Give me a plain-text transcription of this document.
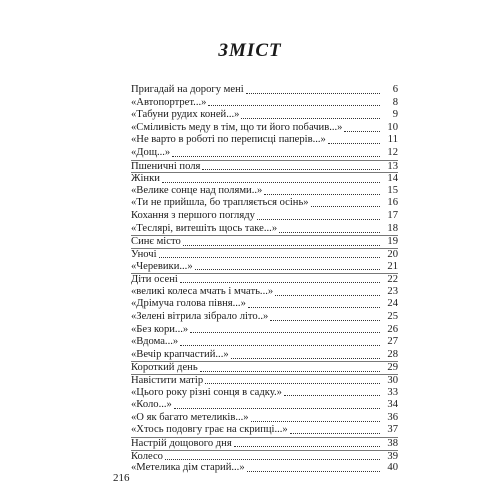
ЗМІСТ
Пригадай на дорогу мені	6
«Автопортрет...»	8
«Табуни рудих коней...»	9
«Сміливість меду в тім, що ти його побачив...»	10
«Не варто в роботі по переписці паперів...»	11
«Дощ...»	12
Пшеничні поля	13
Жінки	14
«Велике сонце над полями..»	15
«Ти не прийшла, бо трапляється осінь»	16
Кохання з першого погляду	17
«Теслярі, витешіть щось таке...»	18
Синє місто	19
Уночі	20
«Черевики...»	21
Діти осені	22
«великі колеса мчать і мчать...»	23
«Дрімуча голова півня...»	24
«Зелені вітрила зібрало літо..»	25
«Без кори...»	26
«Вдома...»	27
«Вечір крапчастий...»	28
Короткий день	29
Навістити матір	30
«Цього року різні сонця в садку.»	33
«Коло...»	34
«О як багато метеликів...»	36
«Хтось подовгу грає на скрипці...»	37
Настрій дощового дня	38
Колесо	39
«Метелика дім старий...»	40
216
